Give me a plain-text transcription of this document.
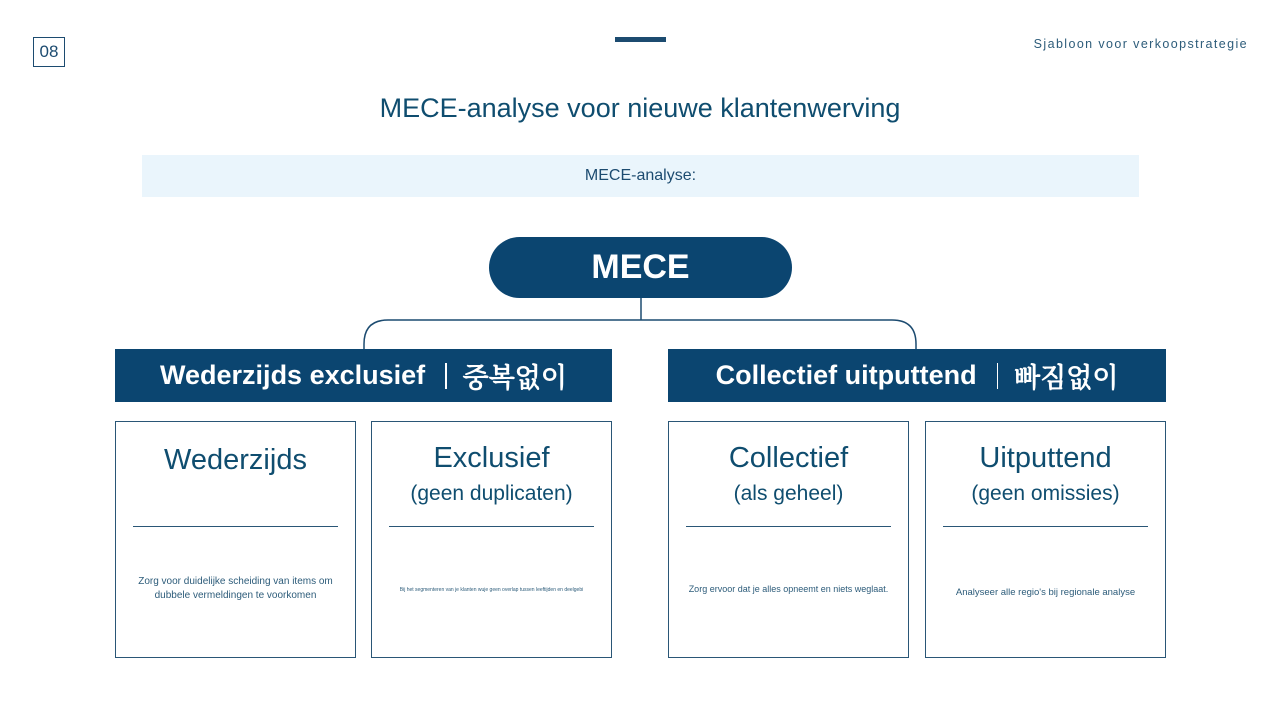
08	Sjabloon voor verkoopstrategie
MECE-analyse voor nieuwe klantenwerving
MECE-analyse:
MECE
Wederzijds exclusief 중복없이	Collectief uitputtend 빠짐없이
Wederzijds
Zorg voor duidelijke scheiding van items om dubbele vermeldingen te voorkomen
Exclusief
(geen duplicaten)
Bij het segmenteren van je klanten wuje geen overlap tussen leeftijden en deelgebi
Collectief
(als geheel)
Zorg ervoor dat je alles opneemt en niets weglaat.
Uitputtend
(geen omissies)
Analyseer alle regio's bij regionale analyse
